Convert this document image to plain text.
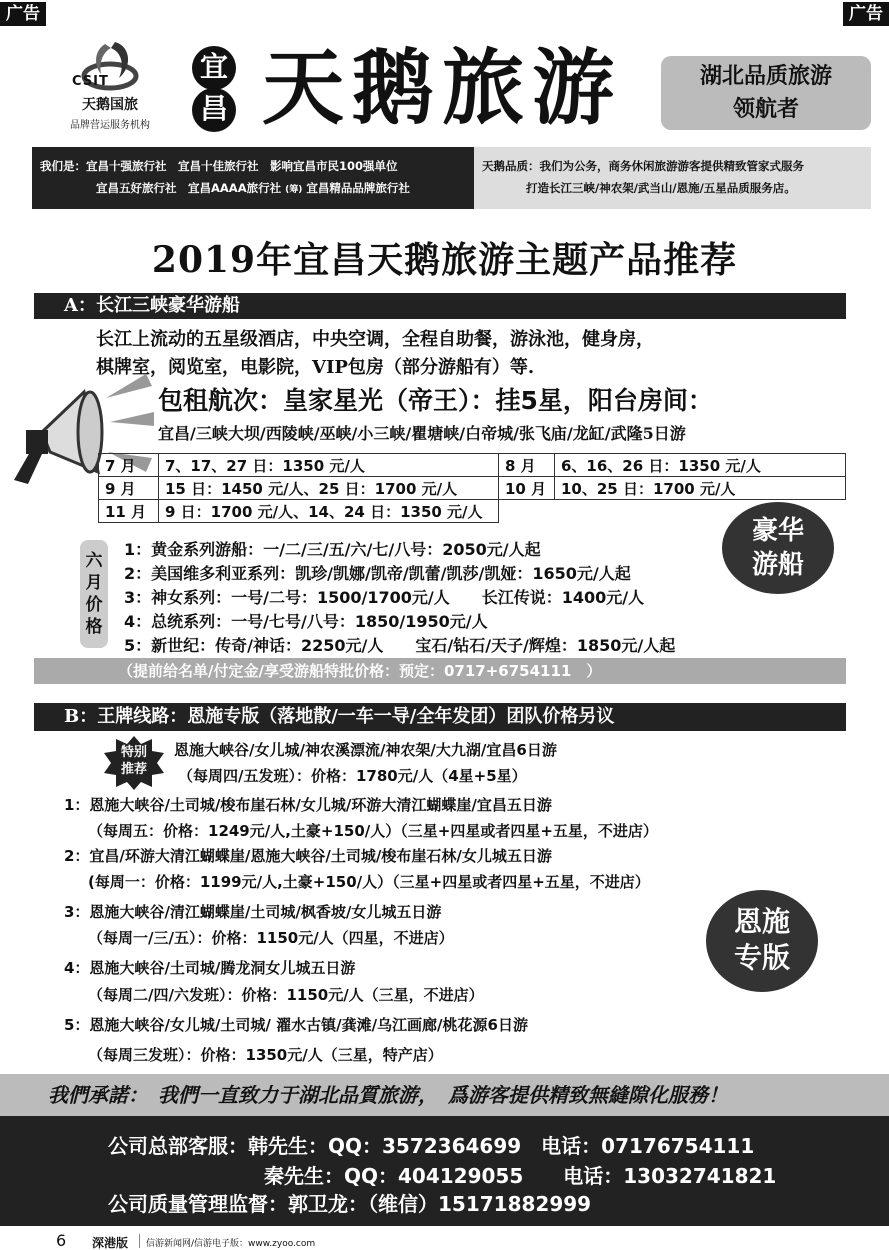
广告	广告
CSIT
天鹅国旅
品牌营运服务机构
宜
昌 天鹅旅游	湖北品质旅游
领航者
我们是：宜昌十强旅行社　宜昌十佳旅行社　影响宜昌市民100强单位
宜昌五好旅行社　宜昌AAAA旅行社 (筹) 宜昌精品品牌旅行社
天鹅品质：我们为公务，商务休闲旅游游客提供精致管家式服务
打造长江三峡/神农架/武当山/恩施/五星品质服务店。
2019年宜昌天鹅旅游主题产品推荐
A：长江三峡豪华游船
长江上流动的五星级酒店，中央空调，全程自助餐，游泳池，健身房，
棋牌室，阅览室，电影院，VIP包房（部分游船有）等.
包租航次：皇家星光（帝王）：挂5星，阳台房间：
宜昌/三峡大坝/西陵峡/巫峡/小三峡/瞿塘峡/白帝城/张飞庙/龙缸/武隆5日游
7 月	7、17、27 日：1350 元/人	8 月	6、16、26 日：1350 元/人
9 月	15 日：1450 元/人、25 日：1700 元/人	10 月	10、25 日：1700 元/人
11 月	9 日：1700 元/人、14、24 日：1350 元/人		
六月价格
1：黄金系列游船：一/二/三/五/六/七/八号：2050元/人起
2：美国维多利亚系列：凯珍/凯娜/凯帝/凯蕾/凯莎/凯娅：1650元/人起
3：神女系列：一号/二号：1500/1700元/人　　长江传说：1400元/人
4：总统系列：一号/七号/八号：1850/1950元/人
5：新世纪：传奇/神话：2250元/人　　宝石/钻石/天子/辉煌：1850元/人起
豪华
游船
（提前给名单/付定金/享受游船特批价格：预定：0717+6754111　）
B：王牌线路：恩施专版（落地散/一车一导/全年发团）团队价格另议
特别
推荐
恩施大峡谷/女儿城/神农溪漂流/神农架/大九湖/宜昌6日游
（每周四/五发班）：价格：1780元/人（4星+5星）
1：恩施大峡谷/土司城/梭布崖石林/女儿城/环游大清江蝴蝶崖/宜昌五日游
（每周五：价格：1249元/人,土豪+150/人）（三星+四星或者四星+五星，不进店）
2：宜昌/环游大清江蝴蝶崖/恩施大峡谷/土司城/梭布崖石林/女儿城五日游
(每周一：价格：1199元/人,土豪+150/人）（三星+四星或者四星+五星，不进店）
3：恩施大峡谷/清江蝴蝶崖/土司城/枫香坡/女儿城五日游
（每周一/三/五）：价格：1150元/人（四星，不进店）
4：恩施大峡谷/土司城/腾龙洞女儿城五日游
（每周二/四/六发班）：价格：1150元/人（三星，不进店）
5：恩施大峡谷/女儿城/土司城/ 濯水古镇/龚滩/乌江画廊/桃花源6日游
（每周三发班）：价格：1350元/人（三星，特产店）
恩施
专版
我們承諾：　我們一直致力于湖北品質旅游，　爲游客提供精致無縫隙化服務！
公司总部客服：韩先生：QQ：3572364699　电话：07176754111
秦先生：QQ：404129055　　电话：13032741821
公司质量管理监督：郭卫龙：（维信）15171882999
6 深港版 信游新闻网/信游电子版：www.zyoo.com
